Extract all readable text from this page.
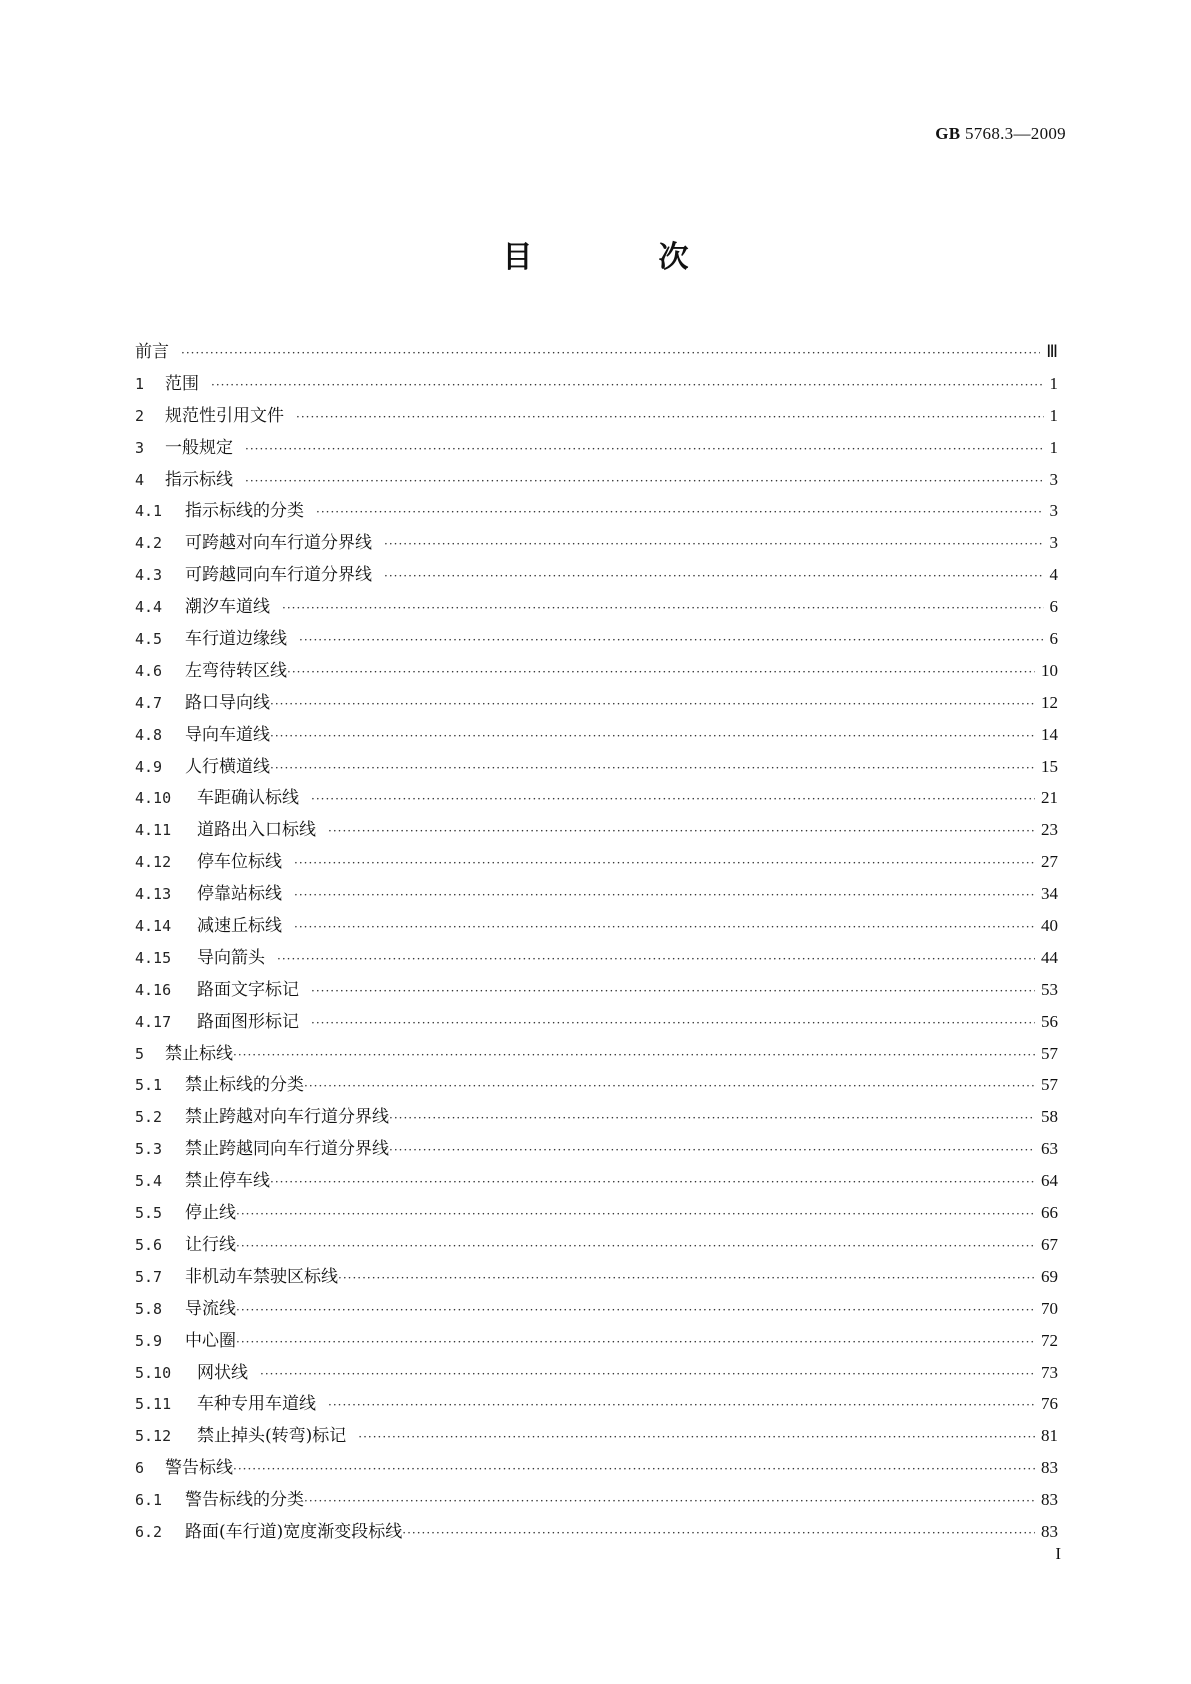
GB 5768.3—2009
目　次
前言 ·····	Ⅲ
1	范围 ·····	1
2	规范性引用文件 ·····	1
3	一般规定 ·····	1
4	指示标线 ·····	3
4.1	指示标线的分类 ·····	3
4.2	可跨越对向车行道分界线 ·····	3
4.3	可跨越同向车行道分界线 ·····	4
4.4	潮汐车道线 ·····	6
4.5	车行道边缘线 ·····	6
4.6	左弯待转区线 ·····	10
4.7	路口导向线 ·····	12
4.8	导向车道线 ·····	14
4.9	人行横道线 ·····	15
4.10	车距确认标线 ·····	21
4.11	道路出入口标线 ·····	23
4.12	停车位标线 ·····	27
4.13	停靠站标线 ·····	34
4.14	减速丘标线 ·····	40
4.15	导向箭头 ·····	44
4.16	路面文字标记 ·····	53
4.17	路面图形标记 ·····	56
5	禁止标线 ·····	57
5.1	禁止标线的分类 ·····	57
5.2	禁止跨越对向车行道分界线 ·····	58
5.3	禁止跨越同向车行道分界线 ·····	63
5.4	禁止停车线 ·····	64
5.5	停止线 ·····	66
5.6	让行线 ·····	67
5.7	非机动车禁驶区标线 ·····	69
5.8	导流线 ·····	70
5.9	中心圈 ·····	72
5.10	网状线 ·····	73
5.11	车种专用车道线 ·····	76
5.12	禁止掉头(转弯)标记 ·····	81
6	警告标线 ·····	83
6.1	警告标线的分类 ·····	83
6.2	路面(车行道)宽度渐变段标线 ·····	83
I
